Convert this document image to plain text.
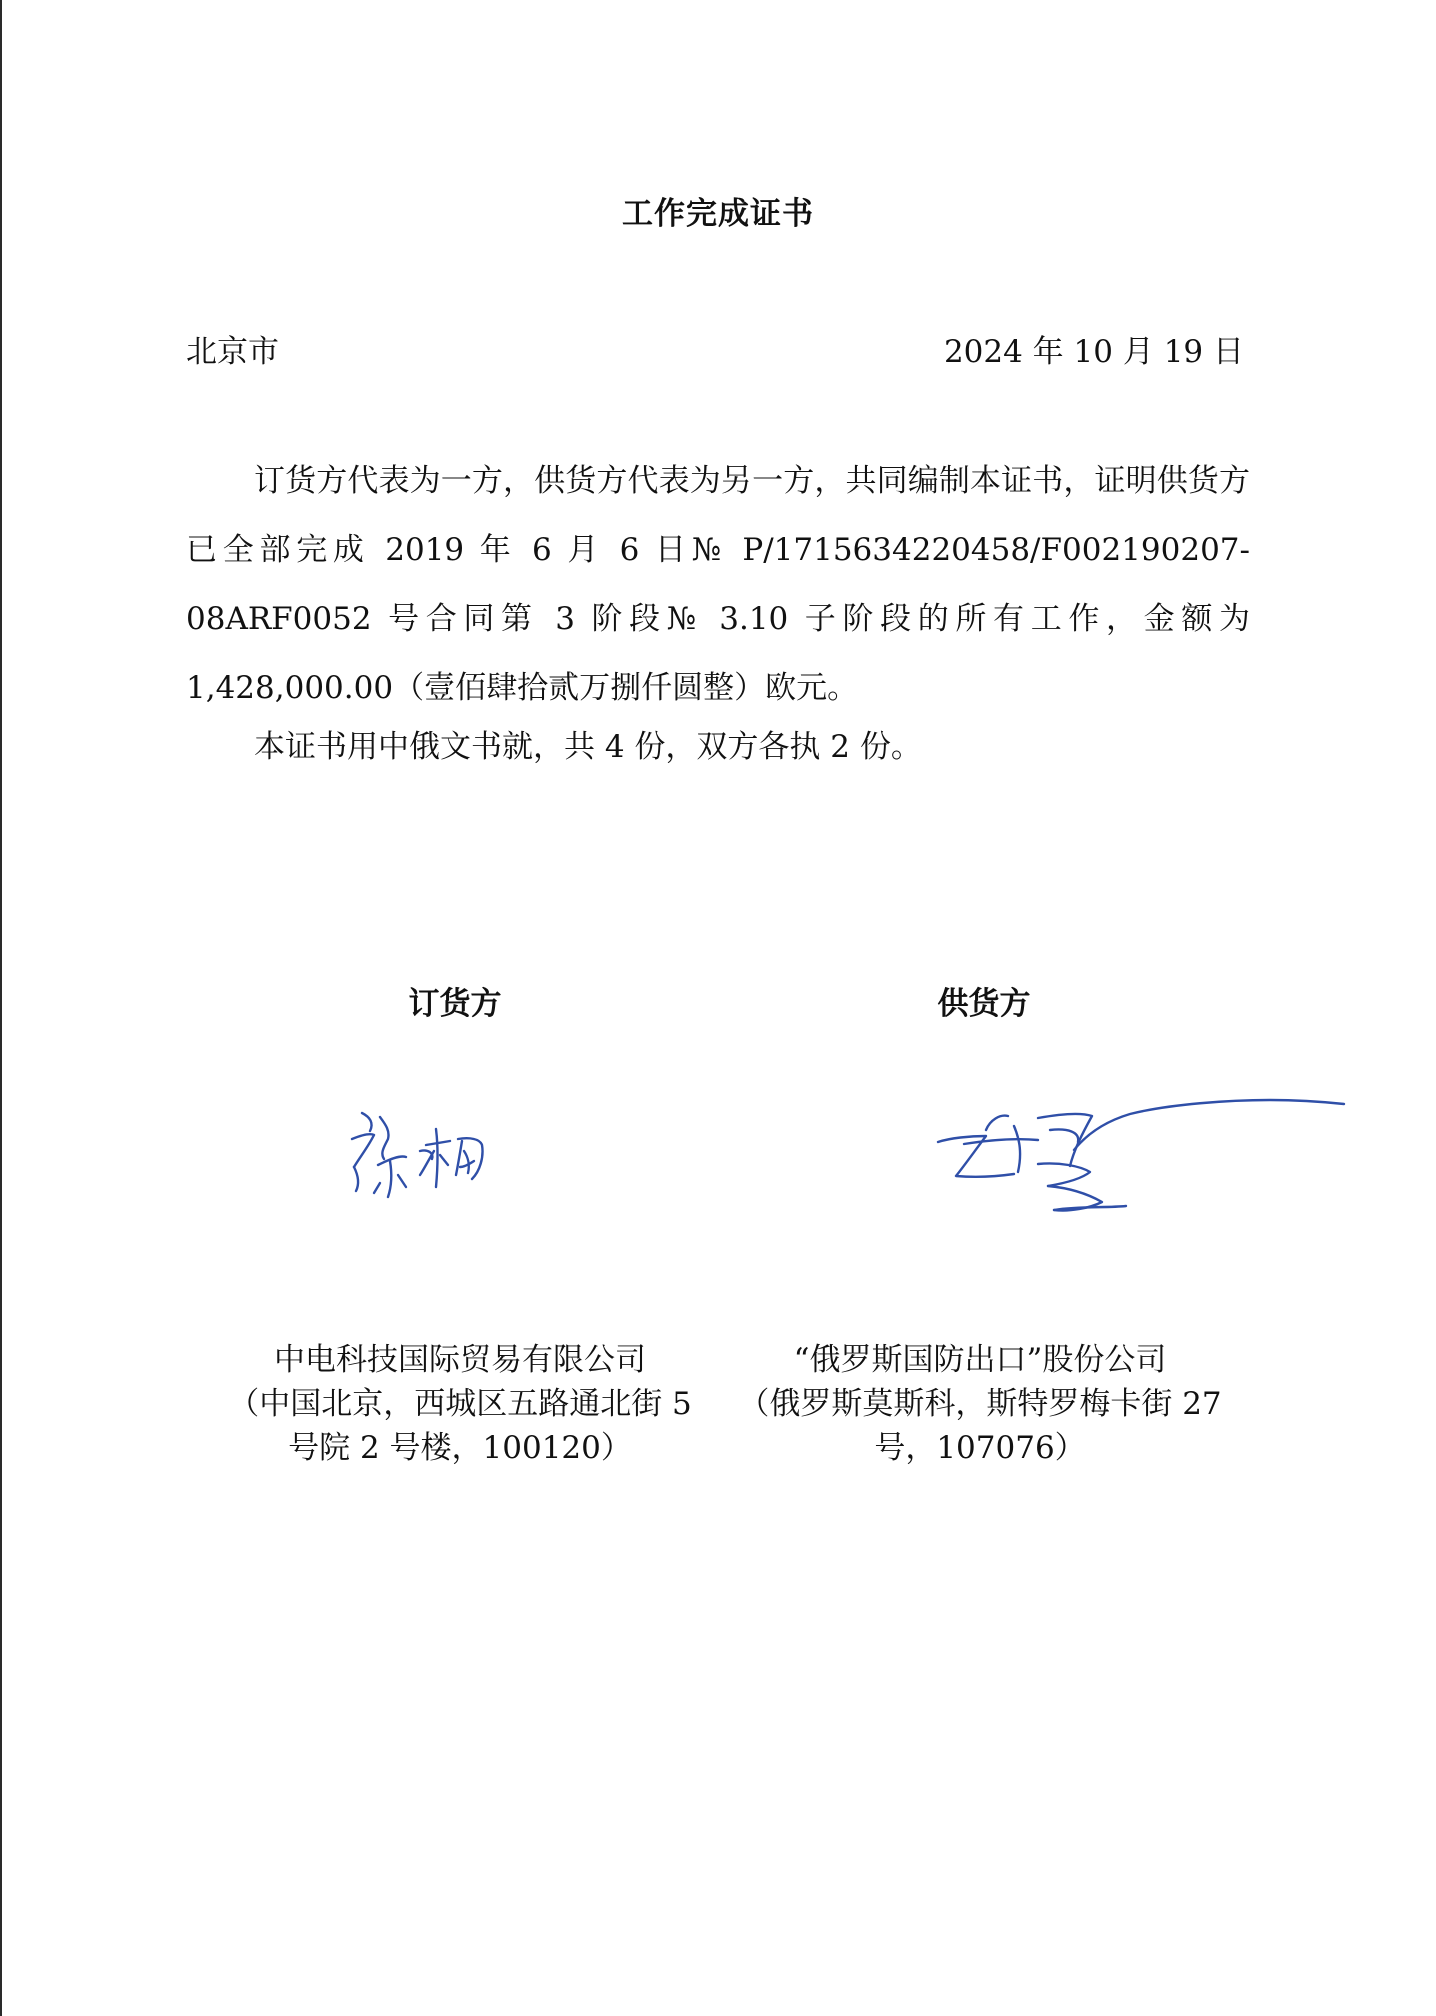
工作完成证书
北京市	2024 年 10 月 19 日
订货方代表为一方，供货方代表为另一方，共同编制本证书，证明供货方已全部完成 2019 年 6 月 6 日№ P/1715634220458/F002190207-08ARF0052 号合同第 3 阶段№ 3.10 子阶段的所有工作，金额为 1,428,000.00（壹佰肆拾贰万捌仟圆整）欧元。
本证书用中俄文书就，共 4 份，双方各执 2 份。
订货方	供货方
中电科技国际贸易有限公司
（中国北京，西城区五路通北街 5
号院 2 号楼，100120）
“俄罗斯国防出口”股份公司
（俄罗斯莫斯科，斯特罗梅卡街 27
号，107076）
